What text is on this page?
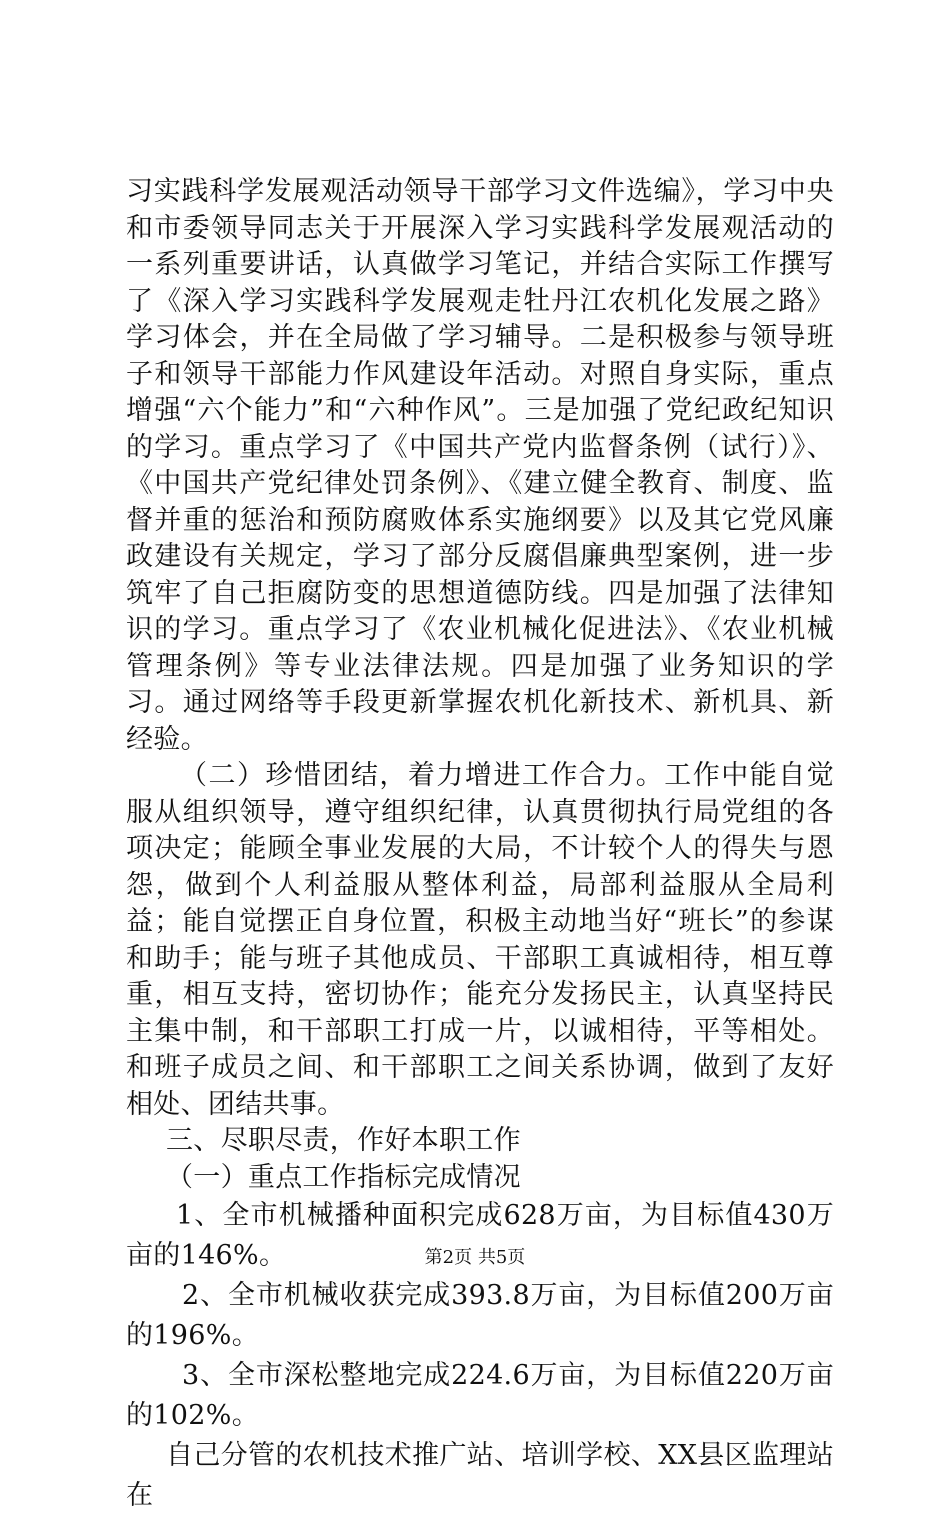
习实践科学发展观活动领导干部学习文件选编》，学习中央和市委领导同志关于开展深入学习实践科学发展观活动的一系列重要讲话，认真做学习笔记，并结合实际工作撰写了《深入学习实践科学发展观走牡丹江农机化发展之路》学习体会，并在全局做了学习辅导。二是积极参与领导班子和领导干部能力作风建设年活动。对照自身实际，重点增强“六个能力”和“六种作风”。三是加强了党纪政纪知识的学习。重点学习了《中国共产党内监督条例（试行）》、《中国共产党纪律处罚条例》、《建立健全教育、制度、监督并重的惩治和预防腐败体系实施纲要》以及其它党风廉政建设有关规定，学习了部分反腐倡廉典型案例，进一步筑牢了自己拒腐防变的思想道德防线。四是加强了法律知识的学习。重点学习了《农业机械化促进法》、《农业机械管理条例》等专业法律法规。四是加强了业务知识的学习。通过网络等手段更新掌握农机化新技术、新机具、新经验。

（二）珍惜团结，着力增进工作合力。工作中能自觉服从组织领导，遵守组织纪律，认真贯彻执行局党组的各项决定；能顾全事业发展的大局，不计较个人的得失与恩怨，做到个人利益服从整体利益，局部利益服从全局利益；能自觉摆正自身位置，积极主动地当好“班长”的参谋和助手；能与班子其他成员、干部职工真诚相待，相互尊重，相互支持，密切协作；能充分发扬民主，认真坚持民主集中制，和干部职工打成一片，以诚相待，平等相处。和班子成员之间、和干部职工之间关系协调，做到了友好相处、团结共事。

三、尽职尽责，作好本职工作

（一）重点工作指标完成情况

1、全市机械播种面积完成628万亩，为目标值430万亩的146%。

2、全市机械收获完成393.8万亩，为目标值200万亩的196%。

3、全市深松整地完成224.6万亩，为目标值220万亩的102%。

自己分管的农机技术推广站、培训学校、XX县区监理站在

第2页 共5页
